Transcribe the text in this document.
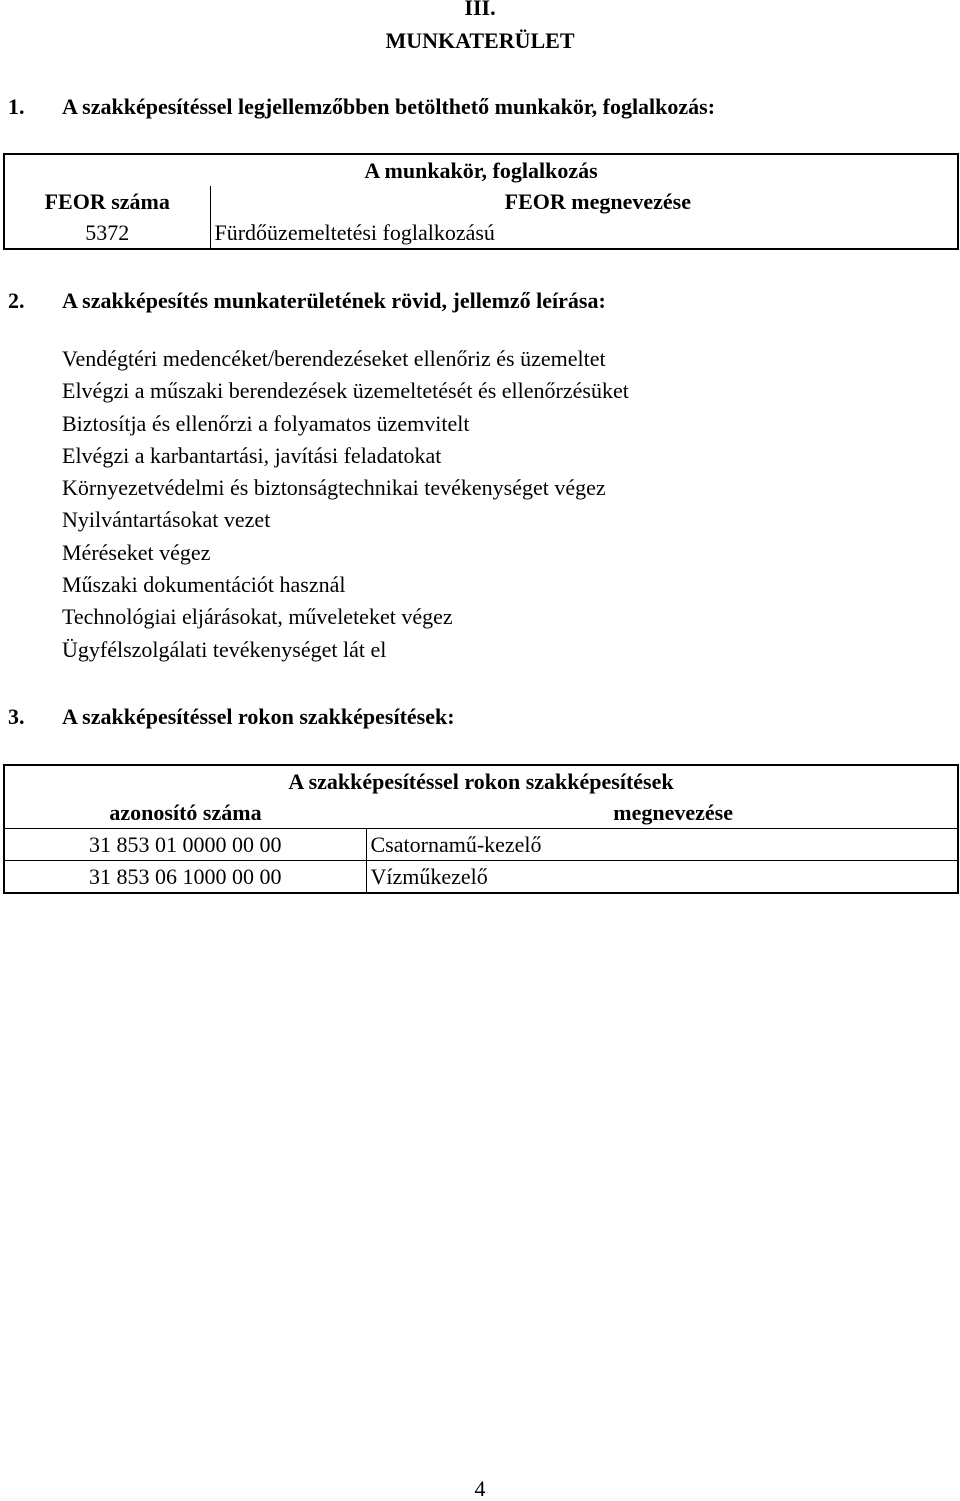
III.
MUNKATERÜLET
1. A szakképesítéssel legjellemzőbben betölthető munkakör, foglalkozás:
A munkakör, foglalkozás	
FEOR száma	FEOR megnevezése
5372	Fürdőüzemeltetési foglalkozású
2. A szakképesítés munkaterületének rövid, jellemző leírása:
Vendégtéri medencéket/berendezéseket ellenőriz és üzemeltet
Elvégzi a műszaki berendezések üzemeltetését és ellenőrzésüket
Biztosítja és ellenőrzi a folyamatos üzemvitelt
Elvégzi a karbantartási, javítási feladatokat
Környezetvédelmi és biztonságtechnikai tevékenységet végez
Nyilvántartásokat vezet
Méréseket végez
Műszaki dokumentációt használ
Technológiai eljárásokat, műveleteket végez
Ügyfélszolgálati tevékenységet lát el
3. A szakképesítéssel rokon szakképesítések:
A szakképesítéssel rokon szakképesítések	
azonosító száma	megnevezése
31 853 01 0000 00 00	Csatornamű-kezelő
31 853 06 1000 00 00	Vízműkezelő
4
